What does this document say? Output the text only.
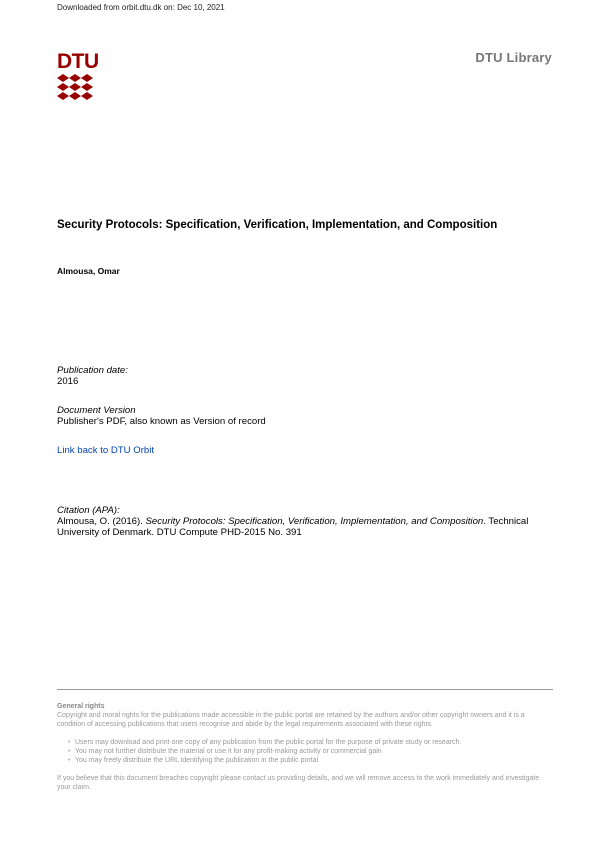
Downloaded from orbit.dtu.dk on: Dec 10, 2021
DTU	DTU Library
Security Protocols: Specification, Verification, Implementation, and Composition
Almousa, Omar
Publication date:
2016
Document Version
Publisher's PDF, also known as Version of record
Link back to DTU Orbit
Citation (APA):
Almousa, O. (2016). Security Protocols: Specification, Verification, Implementation, and Composition. Technical University of Denmark. DTU Compute PHD-2015 No. 391
General rights
Copyright and moral rights for the publications made accessible in the public portal are retained by the authors and/or other copyright owners and it is a condition of accessing publications that users recognise and abide by the legal requirements associated with these rights.
• Users may download and print one copy of any publication from the public portal for the purpose of private study or research.
• You may not further distribute the material or use it for any profit-making activity or commercial gain
• You may freely distribute the URL identifying the publication in the public portal
If you believe that this document breaches copyright please contact us providing details, and we will remove access to the work immediately and investigate your claim.
